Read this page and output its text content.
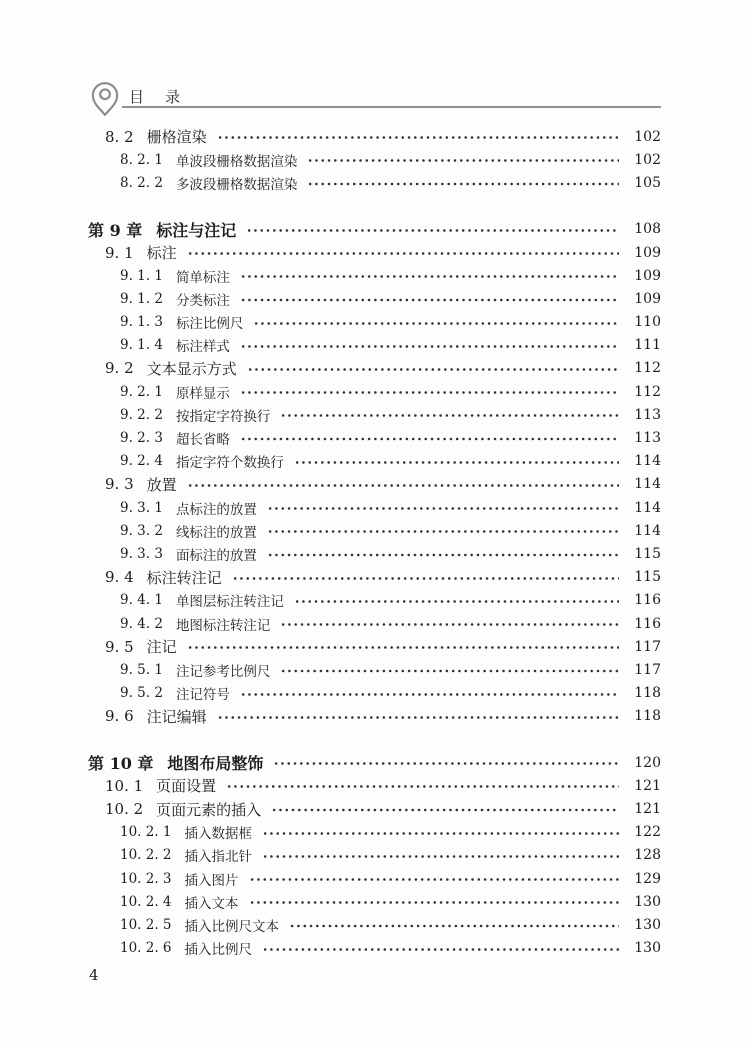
目　录
8. 2 栅格渲染	102
8. 2. 1 单波段栅格数据渲染	102
8. 2. 2 多波段栅格数据渲染	105
第 9 章 标注与注记	108
9. 1 标注	109
9. 1. 1 简单标注	109
9. 1. 2 分类标注	109
9. 1. 3 标注比例尺	110
9. 1. 4 标注样式	111
9. 2 文本显示方式	112
9. 2. 1 原样显示	112
9. 2. 2 按指定字符换行	113
9. 2. 3 超长省略	113
9. 2. 4 指定字符个数换行	114
9. 3 放置	114
9. 3. 1 点标注的放置	114
9. 3. 2 线标注的放置	114
9. 3. 3 面标注的放置	115
9. 4 标注转注记	115
9. 4. 1 单图层标注转注记	116
9. 4. 2 地图标注转注记	116
9. 5 注记	117
9. 5. 1 注记参考比例尺	117
9. 5. 2 注记符号	118
9. 6 注记编辑	118
第 10 章 地图布局整饰	120
10. 1 页面设置	121
10. 2 页面元素的插入	121
10. 2. 1 插入数据框	122
10. 2. 2 插入指北针	128
10. 2. 3 插入图片	129
10. 2. 4 插入文本	130
10. 2. 5 插入比例尺文本	130
10. 2. 6 插入比例尺	130
4
